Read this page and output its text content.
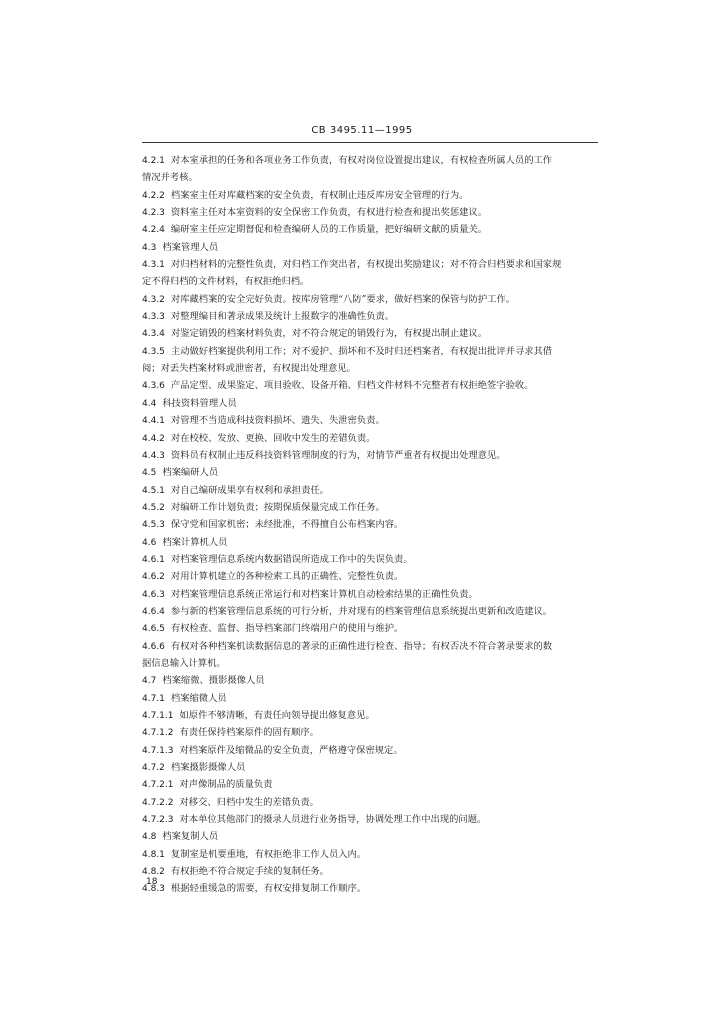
CB 3495.11—1995
4.2.1 对本室承担的任务和各项业务工作负责，有权对岗位设置提出建议，有权检查所属人员的工作
情况并考核。
4.2.2 档案室主任对库藏档案的安全负责，有权制止违反库房安全管理的行为。
4.2.3 资料室主任对本室资料的安全保密工作负责，有权进行检查和提出奖惩建议。
4.2.4 编研室主任应定期督促和检查编研人员的工作质量，把好编研文献的质量关。
4.3 档案管理人员
4.3.1 对归档材料的完整性负责，对归档工作突出者，有权提出奖励建议；对不符合归档要求和国家规
定不得归档的文件材料，有权拒绝归档。
4.3.2 对库藏档案的安全完好负责。按库房管理“八防”要求，做好档案的保管与防护工作。
4.3.3 对整理编目和著录成果及统计上报数字的准确性负责。
4.3.4 对鉴定销毁的档案材料负责，对不符合规定的销毁行为，有权提出制止建议。
4.3.5 主动做好档案提供利用工作；对不爱护、损坏和不及时归还档案者，有权提出批评并寻求其借
阅；对丢失档案材料或泄密者，有权提出处理意见。
4.3.6 产品定型、成果鉴定、项目验收、设备开箱、归档文件材料不完整者有权拒绝签字验收。
4.4 科技资料管理人员
4.4.1 对管理不当造成科技资料损坏、遗失、失泄密负责。
4.4.2 对在校校、发放、更换、回收中发生的差错负责。
4.4.3 资料员有权制止违反科技资料管理制度的行为，对情节严重者有权提出处理意见。
4.5 档案编研人员
4.5.1 对自己编研成果享有权利和承担责任。
4.5.2 对编研工作计划负责；按期保质保量完成工作任务。
4.5.3 保守党和国家机密；未经批准，不得擅自公布档案内容。
4.6 档案计算机人员
4.6.1 对档案管理信息系统内数据错误所造成工作中的失误负责。
4.6.2 对用计算机建立的各种检索工具的正确性、完整性负责。
4.6.3 对档案管理信息系统正常运行和对档案计算机自动检索结果的正确性负责。
4.6.4 参与新的档案管理信息系统的可行分析，并对现有的档案管理信息系统提出更新和改造建议。
4.6.5 有权检查、监督、指导档案部门终端用户的使用与维护。
4.6.6 有权对各种档案机读数据信息的著录的正确性进行检查、指导；有权否决不符合著录要求的数
据信息输入计算机。
4.7 档案缩微、摄影摄像人员
4.7.1 档案缩微人员
4.7.1.1 如原件不够清晰，有责任向领导提出修复意见。
4.7.1.2 有责任保持档案原件的固有顺序。
4.7.1.3 对档案原件及缩微品的安全负责，严格遵守保密规定。
4.7.2 档案摄影摄像人员
4.7.2.1 对声像制品的质量负责
4.7.2.2 对移交、归档中发生的差错负责。
4.7.2.3 对本单位其他部门的摄录人员进行业务指导，协调处理工作中出现的问题。
4.8 档案复制人员
4.8.1 复制室是机要重地，有权拒绝非工作人员入内。
4.8.2 有权拒绝不符合规定手续的复制任务。
4.8.3 根据轻重缓急的需要，有权安排复制工作顺序。
18
